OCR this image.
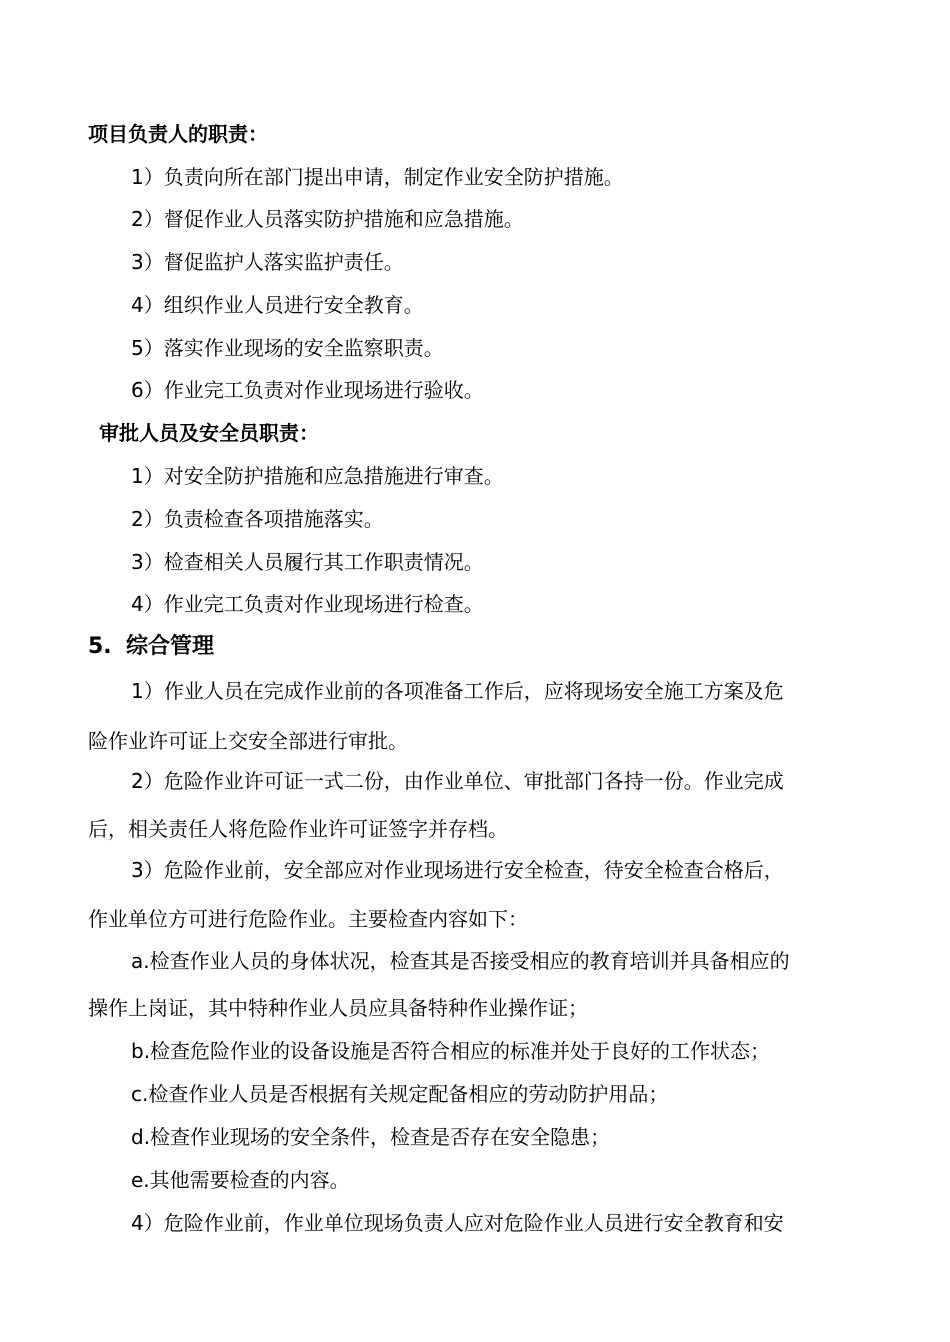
项目负责人的职责：
1）负责向所在部门提出申请，制定作业安全防护措施。
2）督促作业人员落实防护措施和应急措施。
3）督促监护人落实监护责任。
4）组织作业人员进行安全教育。
5）落实作业现场的安全监察职责。
6）作业完工负责对作业现场进行验收。
审批人员及安全员职责：
1）对安全防护措施和应急措施进行审查。
2）负责检查各项措施落实。
3）检查相关人员履行其工作职责情况。
4）作业完工负责对作业现场进行检查。
5. 综合管理
1）作业人员在完成作业前的各项准备工作后，应将现场安全施工方案及危
险作业许可证上交安全部进行审批。
2）危险作业许可证一式二份，由作业单位、审批部门各持一份。作业完成
后，相关责任人将危险作业许可证签字并存档。
3）危险作业前，安全部应对作业现场进行安全检查，待安全检查合格后，
作业单位方可进行危险作业。主要检查内容如下：
a.检查作业人员的身体状况，检查其是否接受相应的教育培训并具备相应的
操作上岗证，其中特种作业人员应具备特种作业操作证；
b.检查危险作业的设备设施是否符合相应的标准并处于良好的工作状态；
c.检查作业人员是否根据有关规定配备相应的劳动防护用品；
d.检查作业现场的安全条件，检查是否存在安全隐患；
e.其他需要检查的内容。
4）危险作业前，作业单位现场负责人应对危险作业人员进行安全教育和安
